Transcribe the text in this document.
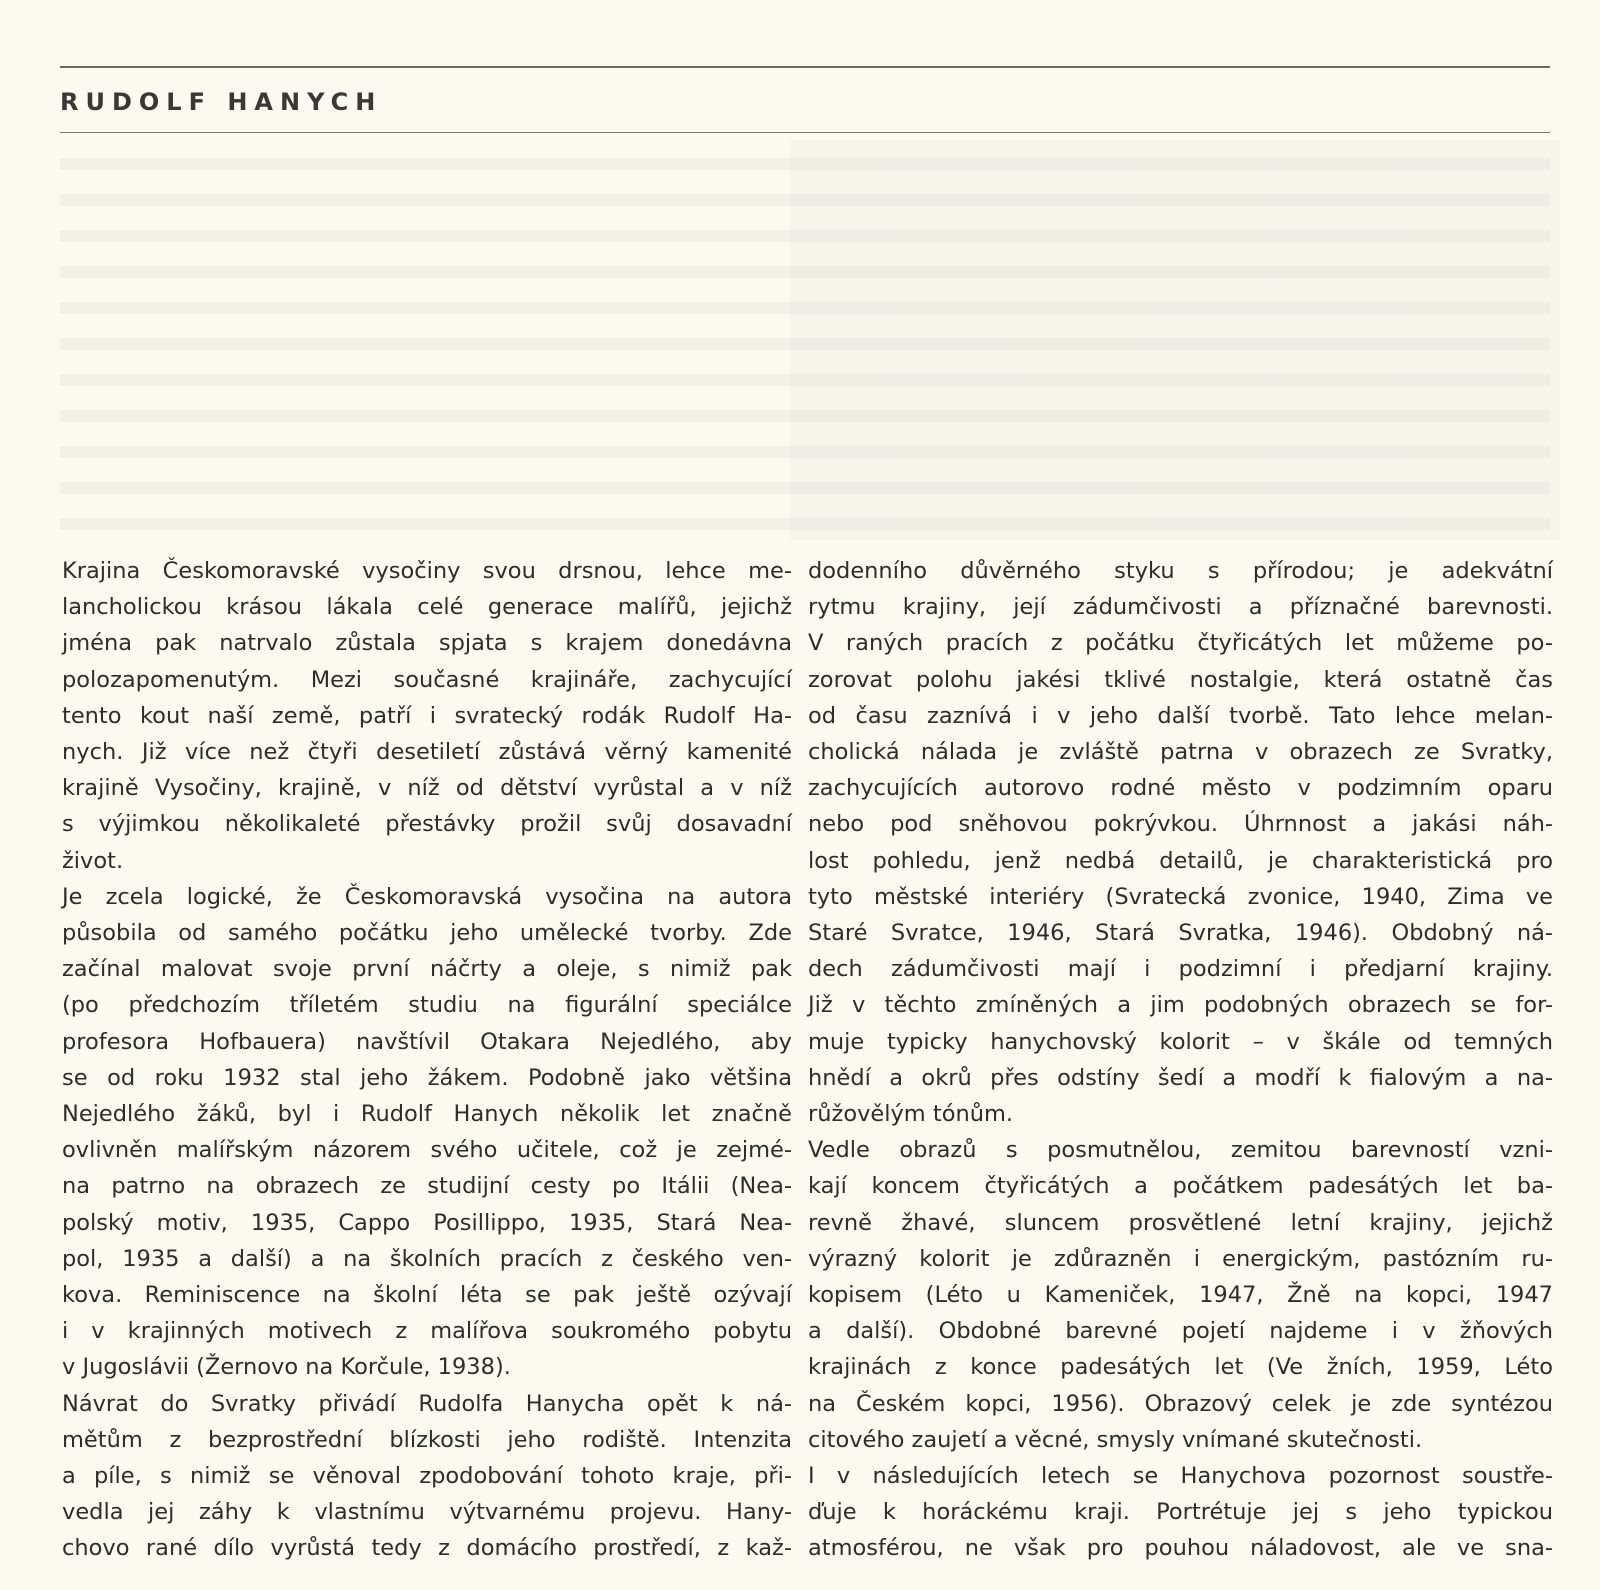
RUDOLF HANYCH
Krajina Českomoravské vysočiny svou drsnou, lehce me-
lancholickou krásou lákala celé generace malířů, jejichž
jména pak natrvalo zůstala spjata s krajem donedávna
polozapomenutým. Mezi současné krajináře, zachycující
tento kout naší země, patří i svratecký rodák Rudolf Ha-
nych. Již více než čtyři desetiletí zůstává věrný kamenité
krajině Vysočiny, krajině, v níž od dětství vyrůstal a v níž
s výjimkou několikaleté přestávky prožil svůj dosavadní
život.
Je zcela logické, že Českomoravská vysočina na autora
působila od samého počátku jeho umělecké tvorby. Zde
začínal malovat svoje první náčrty a oleje, s nimiž pak
(po předchozím tříletém studiu na figurální speciálce
profesora Hofbauera) navštívil Otakara Nejedlého, aby
se od roku 1932 stal jeho žákem. Podobně jako většina
Nejedlého žáků, byl i Rudolf Hanych několik let značně
ovlivněn malířským názorem svého učitele, což je zejmé-
na patrno na obrazech ze studijní cesty po Itálii (Nea-
polský motiv, 1935, Cappo Posillippo, 1935, Stará Nea-
pol, 1935 a další) a na školních pracích z českého ven-
kova. Reminiscence na školní léta se pak ještě ozývají
i v krajinných motivech z malířova soukromého pobytu
v Jugoslávii (Žernovo na Korčule, 1938).
Návrat do Svratky přivádí Rudolfa Hanycha opět k ná-
mětům z bezprostřední blízkosti jeho rodiště. Intenzita
a píle, s nimiž se věnoval zpodobování tohoto kraje, při-
vedla jej záhy k vlastnímu výtvarnému projevu. Hany-
chovo rané dílo vyrůstá tedy z domácího prostředí, z kaž-
dodenního důvěrného styku s přírodou; je adekvátní
rytmu krajiny, její zádumčivosti a příznačné barevnosti.
V raných pracích z počátku čtyřicátých let můžeme po-
zorovat polohu jakési tklivé nostalgie, která ostatně čas
od času zaznívá i v jeho další tvorbě. Tato lehce melan-
cholická nálada je zvláště patrna v obrazech ze Svratky,
zachycujících autorovo rodné město v podzimním oparu
nebo pod sněhovou pokrývkou. Úhrnnost a jakási náh-
lost pohledu, jenž nedbá detailů, je charakteristická pro
tyto městské interiéry (Svratecká zvonice, 1940, Zima ve
Staré Svratce, 1946, Stará Svratka, 1946). Obdobný ná-
dech zádumčivosti mají i podzimní i předjarní krajiny.
Již v těchto zmíněných a jim podobných obrazech se for-
muje typicky hanychovský kolorit – v škále od temných
hnědí a okrů přes odstíny šedí a modří k fialovým a na-
růžovělým tónům.
Vedle obrazů s posmutnělou, zemitou barevností vzni-
kají koncem čtyřicátých a počátkem padesátých let ba-
revně žhavé, sluncem prosvětlené letní krajiny, jejichž
výrazný kolorit je zdůrazněn i energickým, pastózním ru-
kopisem (Léto u Kameniček, 1947, Žně na kopci, 1947
a další). Obdobné barevné pojetí najdeme i v žňových
krajinách z konce padesátých let (Ve žních, 1959, Léto
na Českém kopci, 1956). Obrazový celek je zde syntézou
citového zaujetí a věcné, smysly vnímané skutečnosti.
I v následujících letech se Hanychova pozornost soustře-
ďuje k horáckému kraji. Portrétuje jej s jeho typickou
atmosférou, ne však pro pouhou náladovost, ale ve sna-
